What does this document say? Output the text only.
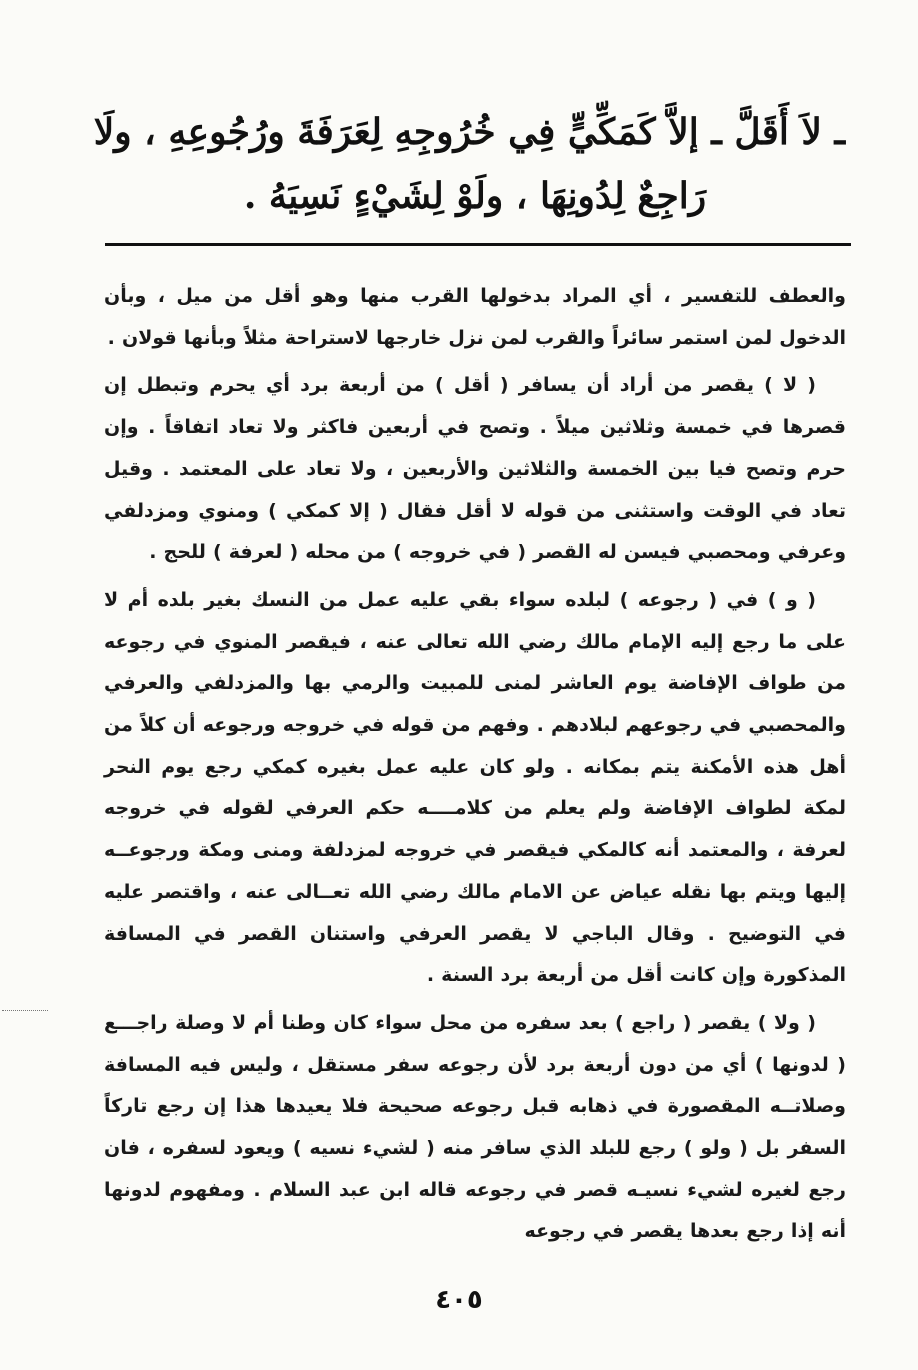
ـ لاَ أَقَلَّ ـ إلاَّ كَمَكِّيٍّ فِي خُرُوجِهِ لِعَرَفَةَ ورُجُوعِهِ ، ولَا
رَاجِعٌ لِدُونِهَا ، ولَوْ لِشَيْءٍ نَسِيَهُ .

والعطف للتفسير ، أي المراد بدخولها القرب منها وهو أقل من ميل ، وبأن الدخول لمن استمر سائراً والقرب لمن نزل خارجها لاستراحة مثلاً وبأنها قولان .

( لا ) يقصر من أراد أن يسافر ( أقل ) من أربعة برد أي يحرم وتبطل إن قصرها في خمسة وثلاثين ميلاً . وتصح في أربعين فاكثر ولا تعاد اتفاقاً . وإن حرم وتصح فيا بين الخمسة والثلاثين والأربعين ، ولا تعاد على المعتمد . وقيل تعاد في الوقت واستثنى من قوله لا أقل فقال ( إلا كمكي ) ومنوي ومزدلفي وعرفي ومحصبي فيسن له القصر ( في خروجه ) من محله ( لعرفة ) للحج .

( و ) في ( رجوعه ) لبلده سواء بقي عليه عمل من النسك بغير بلده أم لا على ما رجع إليه الإمام مالك رضي الله تعالى عنه ، فيقصر المنوي في رجوعه من طواف الإفاضة يوم العاشر لمنى للمبيت والرمي بها والمزدلفي والعرفي والمحصبي في رجوعهم لبلادهم . وفهم من قوله في خروجه ورجوعه أن كلاً من أهل هذه الأمكنة يتم بمكانه . ولو كان عليه عمل بغيره كمكي رجع يوم النحر لمكة لطواف الإفاضة ولم يعلم من كلامــــه حكم العرفي لقوله في خروجه لعرفة ، والمعتمد أنه كالمكي فيقصر في خروجه لمزدلفة ومنى ومكة ورجوعــه إليها ويتم بها نقله عياض عن الامام مالك رضي الله تعــالى عنه ، واقتصر عليه في التوضيح . وقال الباجي لا يقصر العرفي واستنان القصر في المسافة المذكورة وإن كانت أقل من أربعة برد السنة .

( ولا ) يقصر ( راجع ) بعد سفره من محل سواء كان وطنا أم لا وصلة راجـــع ( لدونها ) أي من دون أربعة برد لأن رجوعه سفر مستقل ، وليس فيه المسافة وصلاتــه المقصورة في ذهابه قبل رجوعه صحيحة فلا يعيدها هذا إن رجع تاركاً السفر بل ( ولو ) رجع للبلد الذي سافر منه ( لشيء نسيه ) ويعود لسفره ، فان رجع لغيره لشيء نسيـه قصر في رجوعه قاله ابن عبد السلام . ومفهوم لدونها أنه إذا رجع بعدها يقصر في رجوعه

٤٠٥
